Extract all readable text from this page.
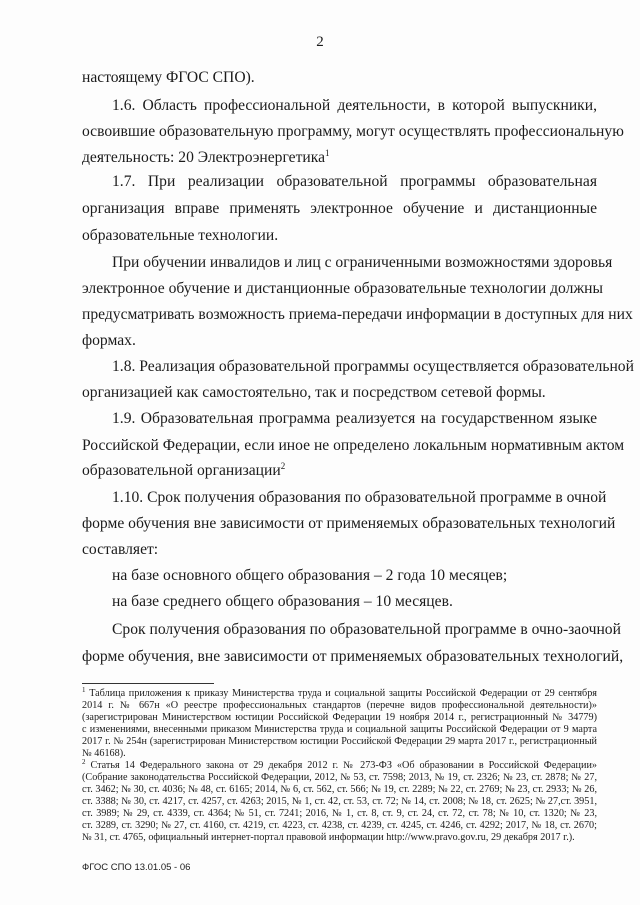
2
настоящему ФГОС СПО).
1.6. Область профессиональной деятельности, в которой выпускники,
освоившие образовательную программу, могут осуществлять профессиональную
деятельность: 20 Электроэнергетика$^1$
1.7. При реализации образовательной программы образовательная
организация вправе применять электронное обучение и дистанционные
образовательные технологии.
При обучении инвалидов и лиц с ограниченными возможностями здоровья
электронное обучение и дистанционные образовательные технологии должны
предусматривать возможность приема-передачи информации в доступных для них
формах.
1.8. Реализация образовательной программы осуществляется образовательной
организацией как самостоятельно, так и посредством сетевой формы.
1.9. Образовательная программа реализуется на государственном языке
Российской Федерации, если иное не определено локальным нормативным актом
образовательной организации$^2$
1.10. Срок получения образования по образовательной программе в очной
форме обучения вне зависимости от применяемых образовательных технологий
составляет:
на базе основного общего образования – 2 года 10 месяцев;
на базе среднего общего образования – 10 месяцев.
Срок получения образования по образовательной программе в очно-заочной
форме обучения, вне зависимости от применяемых образовательных технологий,
$^1$ Таблица приложения к приказу Министерства труда и социальной защиты Российской Федерации от 29 сентября
2014 г. № 667н «О реестре профессиональных стандартов (перечне видов профессиональной деятельности)»
(зарегистрирован Министерством юстиции Российской Федерации 19 ноября 2014 г., регистрационный № 34779)
с изменениями, внесенными приказом Министерства труда и социальной защиты Российской Федерации от 9 марта
2017 г. № 254н (зарегистрирован Министерством юстиции Российской Федерации 29 марта 2017 г., регистрационный
№ 46168).
$^2$ Статья 14 Федерального закона от 29 декабря 2012 г. № 273-ФЗ «Об образовании в Российской Федерации»
(Собрание законодательства Российской Федерации, 2012, № 53, ст. 7598; 2013, № 19, ст. 2326; № 23, ст. 2878; № 27,
ст. 3462; № 30, ст. 4036; № 48, ст. 6165; 2014, № 6, ст. 562, ст. 566; № 19, ст. 2289; № 22, ст. 2769; № 23, ст. 2933; № 26,
ст. 3388; № 30, ст. 4217, ст. 4257, ст. 4263; 2015, № 1, ст. 42, ст. 53, ст. 72; № 14, ст. 2008; № 18, ст. 2625; № 27,ст. 3951,
ст. 3989; № 29, ст. 4339, ст. 4364; № 51, ст. 7241; 2016, № 1, ст. 8, ст. 9, ст. 24, ст. 72, ст. 78; № 10, ст. 1320; № 23,
ст. 3289, ст. 3290; № 27, ст. 4160, ст. 4219, ст. 4223, ст. 4238, ст. 4239, ст. 4245, ст. 4246, ст. 4292; 2017, № 18, ст. 2670;
№ 31, ст. 4765, официальный интернет-портал правовой информации http://www.pravo.gov.ru, 29 декабря 2017 г.).
ФГОС СПО 13.01.05 - 06
